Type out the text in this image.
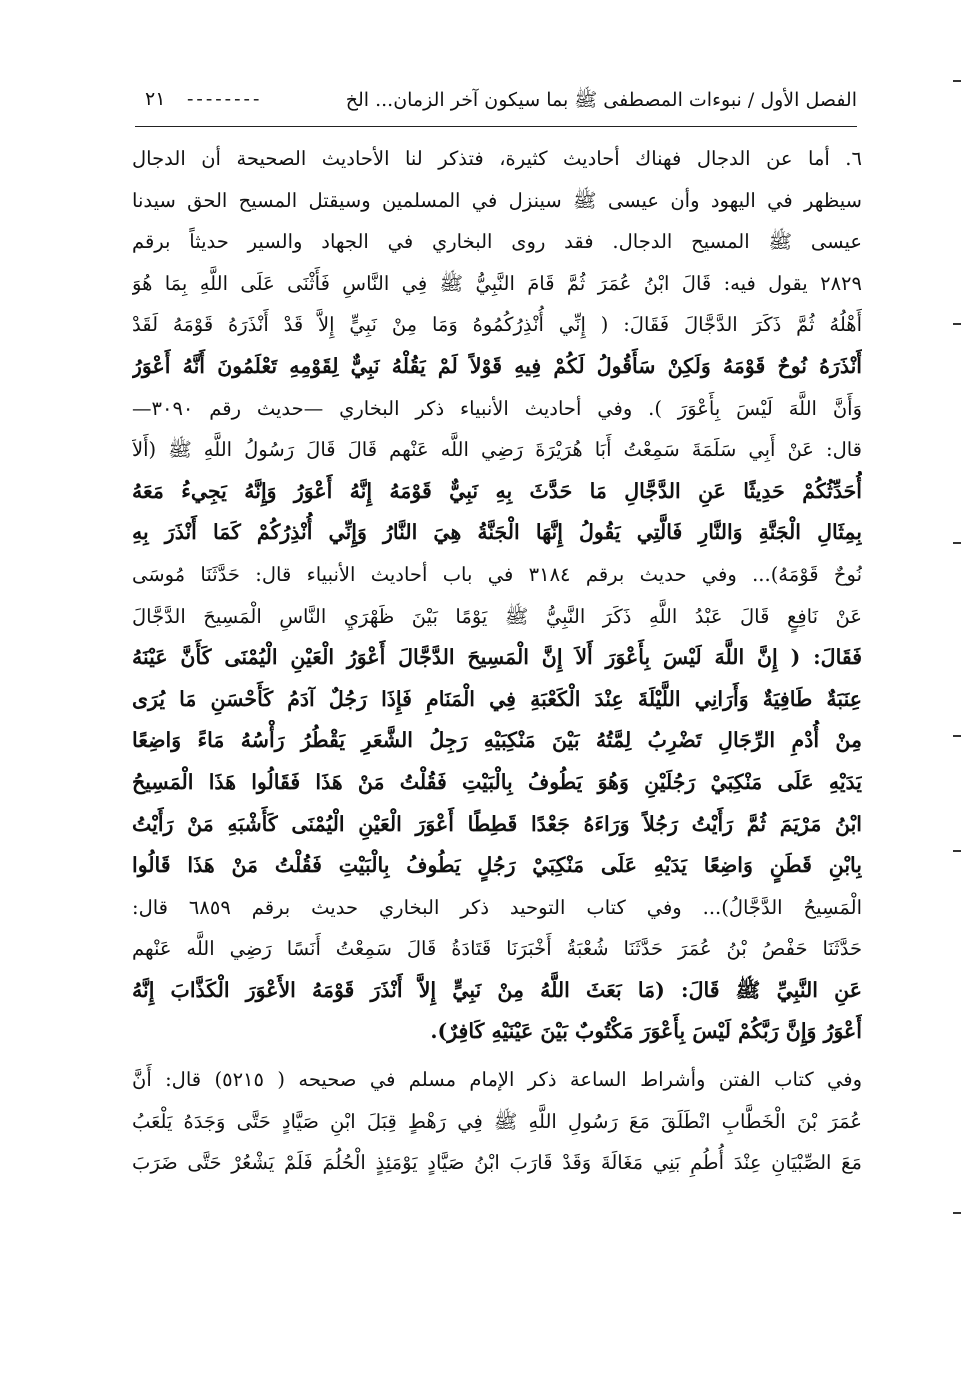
الفصل الأول / نبوءات المصطفى ﷺ بما سيكون آخر الزمان... الخ
--------
٢١
٦. أما عن الدجال فهناك أحاديث كثيرة، فتذكر لنا الأحاديث الصحيحة أن الدجال
سيظهر في اليهود وأن عيسى ﷺ سينزل في المسلمين وسيقتل المسيح الحق سيدنا
عيسى ﷺ المسيح الدجال. فقد روى البخاري في الجهاد والسير حديثاً برقم
٢٨٢٩ يقول فيه: قَالَ ابْنُ عُمَرَ ثُمَّ قَامَ النَّبِيُّ ﷺ فِي النَّاسِ فَأَثْنَى عَلَى اللَّهِ بِمَا هُوَ
أَهْلُهُ ثُمَّ ذَكَرَ الدَّجَّالَ فَقَالَ: ( إِنِّي أُنْذِرُكُمُوهُ وَمَا مِنْ نَبِيٍّ إِلاَّ قَدْ أَنْذَرَهُ قَوْمَهُ لَقَدْ
أَنْذَرَهُ نُوحٌ قَوْمَهُ وَلَكِنْ سَأَقُولُ لَكُمْ فِيهِ قَوْلاً لَمْ يَقُلْهُ نَبِيٌّ لِقَوْمِهِ تَعْلَمُونَ أَنَّهُ أَعْوَرُ
وَأَنَّ اللَّهَ لَيْسَ بِأَعْوَرَ ). وفي أحاديث الأنبياء ذكر البخاري —حديث رقم ٣٠٩٠—
قال: عَنْ أَبِي سَلَمَةَ سَمِعْتُ أَبَا هُرَيْرَةَ رَضِي اللَّه عَنْهم قَالَ قَالَ رَسُولُ اللَّهِ ﷺ (أَلاَ
أُحَدِّثُكُمْ حَدِيثًا عَنِ الدَّجَّالِ مَا حَدَّثَ بِهِ نَبِيٌّ قَوْمَهُ إِنَّهُ أَعْوَرُ وَإِنَّهُ يَجِيءُ مَعَهُ
بِمِثَالِ الْجَنَّةِ وَالنَّارِ فَالَّتِي يَقُولُ إِنَّهَا الْجَنَّةُ هِيَ النَّارُ وَإِنِّي أُنْذِرُكُمْ كَمَا أَنْذَرَ بِهِ
نُوحٌ قَوْمَهُ)... وفي حديث برقم ٣١٨٤ في باب أحاديث الأنبياء قال: حَدَّثَنَا مُوسَى
عَنْ نَافِعٍ قَالَ عَبْدُ اللَّهِ ذَكَرَ النَّبِيُّ ﷺ يَوْمًا بَيْنَ ظَهْرَيِ النَّاسِ الْمَسِيحَ الدَّجَّالَ
فَقَالَ: ( إِنَّ اللَّهَ لَيْسَ بِأَعْوَرَ أَلاَ إِنَّ الْمَسِيحَ الدَّجَّالَ أَعْوَرُ الْعَيْنِ الْيُمْنَى كَأَنَّ عَيْنَهُ
عِنَبَةٌ طَافِيَةٌ وَأَرَانِي اللَّيْلَةَ عِنْدَ الْكَعْبَةِ فِي الْمَنَامِ فَإِذَا رَجُلٌ آدَمُ كَأَحْسَنِ مَا يُرَى
مِنْ أُدْمِ الرِّجَالِ تَضْرِبُ لِمَّتُهُ بَيْنَ مَنْكِبَيْهِ رَجِلُ الشَّعَرِ يَقْطُرُ رَأْسُهُ مَاءً وَاضِعًا
يَدَيْهِ عَلَى مَنْكِبَيْ رَجُلَيْنِ وَهُوَ يَطُوفُ بِالْبَيْتِ فَقُلْتُ مَنْ هَذَا فَقَالُوا هَذَا الْمَسِيحُ
ابْنُ مَرْيَمَ ثُمَّ رَأَيْتُ رَجُلاً وَرَاءَهُ جَعْدًا قَطِطًا أَعْوَرَ الْعَيْنِ الْيُمْنَى كَأَشْبَهِ مَنْ رَأَيْتُ
بِابْنِ قَطَنٍ وَاضِعًا يَدَيْهِ عَلَى مَنْكِبَيْ رَجُلٍ يَطُوفُ بِالْبَيْتِ فَقُلْتُ مَنْ هَذَا قَالُوا
الْمَسِيحُ الدَّجَّالُ)... وفي كتاب التوحيد ذكر البخاري حديث برقم ٦٨٥٩ قال:
حَدَّثَنَا حَفْصُ بْنُ عُمَرَ حَدَّثَنَا شُعْبَةُ أَخْبَرَنَا قَتَادَةُ قَالَ سَمِعْتُ أَنَسًا رَضِي اللَّه عَنْهم
عَنِ النَّبِيِّ ﷺ قَالَ: (مَا بَعَثَ اللَّهُ مِنْ نَبِيٍّ إِلاَّ أَنْذَرَ قَوْمَهُ الأَعْوَرَ الْكَذَّابَ إِنَّهُ
أَعْوَرُ وَإِنَّ رَبَّكُمْ لَيْسَ بِأَعْوَرَ مَكْتُوبٌ بَيْنَ عَيْنَيْهِ كَافِرٌ).
وفي كتاب الفتن وأشراط الساعة ذكر الإمام مسلم في صحيحه ( ٥٢١٥) قال: أَنَّ
عُمَرَ بْنَ الْخَطَّابِ انْطَلَقَ مَعَ رَسُولِ اللَّهِ ﷺ فِي رَهْطٍ قِبَلَ ابْنِ صَيَّادٍ حَتَّى وَجَدَهُ يَلْعَبُ
مَعَ الصِّبْيَانِ عِنْدَ أُطُمِ بَنِي مَغَالَةَ وَقَدْ قَارَبَ ابْنُ صَيَّادٍ يَوْمَئِذٍ الْحُلُمَ فَلَمْ يَشْعُرْ حَتَّى ضَرَبَ
